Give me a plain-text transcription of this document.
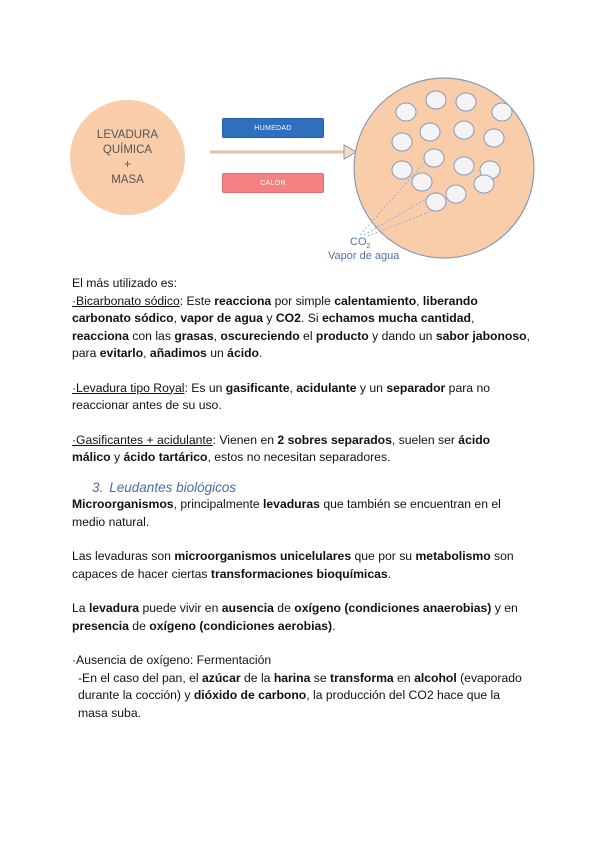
LEVADURA
QUÍMICA
+
MASA
HUMEDAD
CALOR
$CO_2$
Vapor de agua

El más utilizado es:

·Bicarbonato sódico: Este reacciona por simple calentamiento, liberando carbonato sódico, vapor de agua y CO2. Si echamos mucha cantidad, reacciona con las grasas, oscureciendo el producto y dando un sabor jabonoso, para evitarlo, añadimos un ácido.

·Levadura tipo Royal: Es un gasificante, acidulante y un separador para no reaccionar antes de su uso.

·Gasificantes + acidulante: Vienen en 2 sobres separados, suelen ser ácido málico y ácido tartárico, estos no necesitan separadores.

3. Leudantes biológicos

Microorganismos, principalmente levaduras que también se encuentran en el medio natural.

Las levaduras son microorganismos unicelulares que por su metabolismo son capaces de hacer ciertas transformaciones bioquímicas.

La levadura puede vivir en ausencia de oxígeno (condiciones anaerobias) y en presencia de oxígeno (condiciones aerobias).

·Ausencia de oxígeno: Fermentación

-En el caso del pan, el azúcar de la harina se transforma en alcohol (evaporado durante la cocción) y dióxido de carbono, la producción del CO2 hace que la masa suba.
